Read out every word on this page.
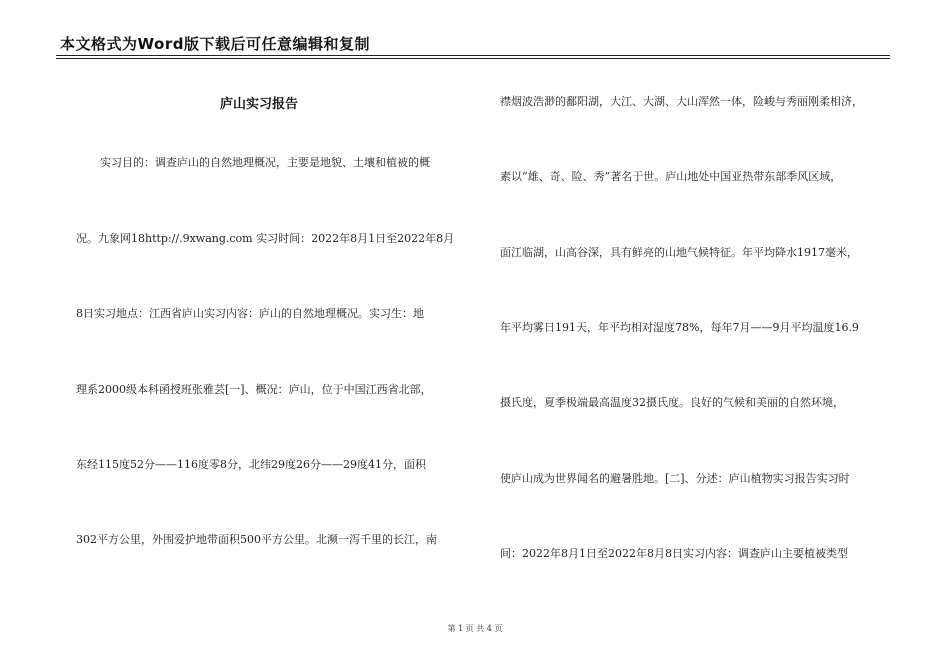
本文格式为Word版下载后可任意编辑和复制
庐山实习报告
实习目的：调查庐山的自然地理概况，主要是地貌、土壤和植被的概
况。九象网18http://.9xwang.com 实习时间：2022年8月1日至2022年8月
8日实习地点：江西省庐山实习内容：庐山的自然地理概况。实习生：地
理系2000级本科函授班张雅芸[一]、概况：庐山，位于中国江西省北部，
东经115度52分——116度零8分，北纬29度26分——29度41分，面积
302平方公里，外围爱护地带面积500平方公里。北濒一泻千里的长江，南
襟烟波浩渺的鄱阳湖，大江、大湖、大山浑然一体，险峻与秀丽刚柔相济，
素以“雄、奇、险、秀”著名于世。庐山地处中国亚热带东部季风区域，
面江临湖，山高谷深，具有鲜亮的山地气候特征。年平均降水1917毫米，
年平均雾日191天，年平均相对湿度78%，每年7月——9月平均温度16.9
摄氏度，夏季极端最高温度32摄氏度。良好的气候和美丽的自然环境，
使庐山成为世界闻名的避暑胜地。[二]、分述：庐山植物实习报告实习时
间：2022年8月1日至2022年8月8日实习内容：调查庐山主要植被类型
第 1 页 共 4 页
